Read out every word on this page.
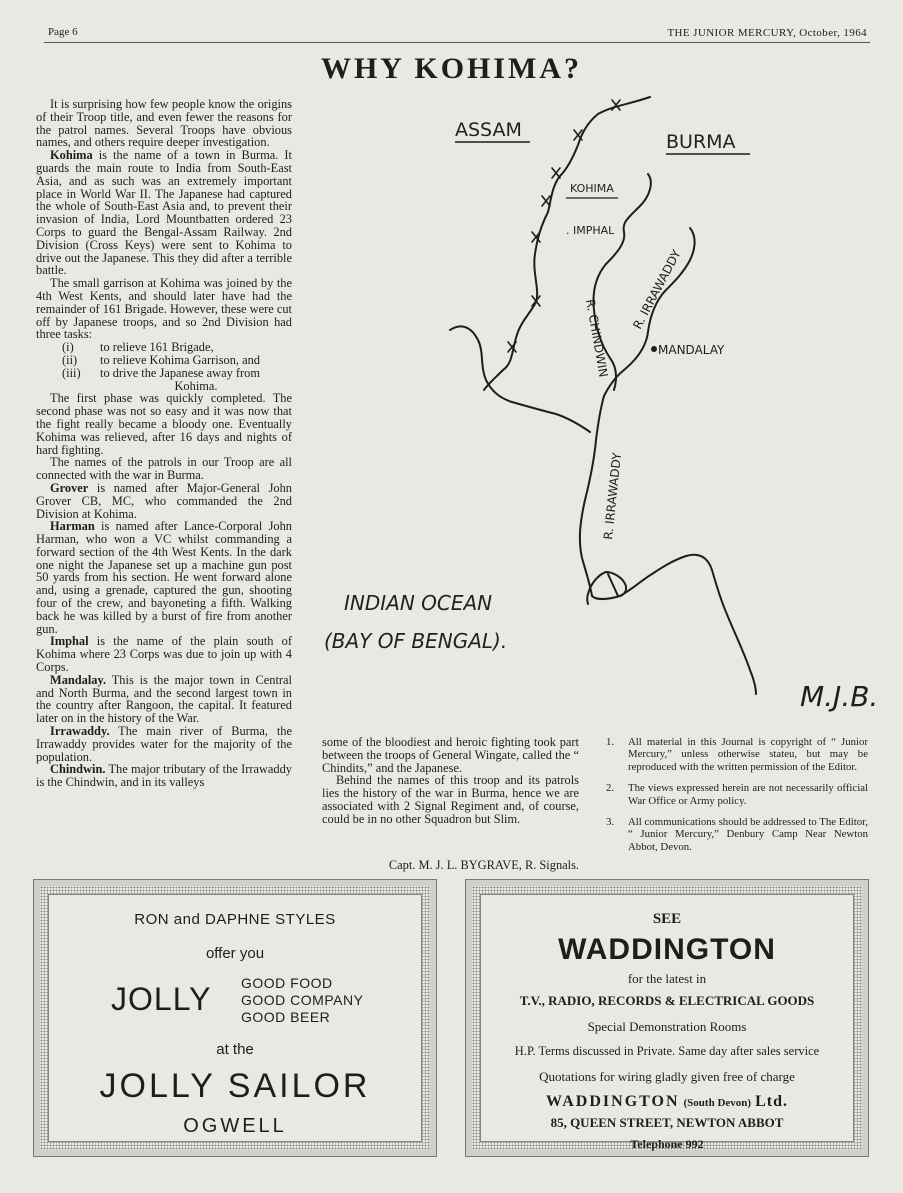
Page 6	THE JUNIOR MERCURY, October, 1964
WHY KOHIMA?

It is surprising how few people know the origins of their Troop title, and even fewer the reasons for the patrol names. Several Troops have obvious names, and others require deeper investigation.

Kohima is the name of a town in Burma. It guards the main route to India from South-East Asia, and as such was an extremely important place in World War II. The Japanese had captured the whole of South-East Asia and, to prevent their invasion of India, Lord Mountbatten ordered 23 Corps to guard the Bengal-Assam Railway. 2nd Division (Cross Keys) were sent to Kohima to drive out the Japanese. This they did after a terrible battle.

The small garrison at Kohima was joined by the 4th West Kents, and should later have had the remainder of 161 Brigade. However, these were cut off by Japanese troops, and so 2nd Division had three tasks:

(i)	to relieve 161 Brigade,
(ii)	to relieve Kohima Garrison, and
(iii)	to drive the Japanese away from
Kohima.

The first phase was quickly completed. The second phase was not so easy and it was now that the fight really became a bloody one. Eventually Kohima was relieved, after 16 days and nights of hard fighting.

The names of the patrols in our Troop are all connected with the war in Burma.

Grover is named after Major-General John Grover CB, MC, who commanded the 2nd Division at Kohima.

Harman is named after Lance-Corporal John Harman, who won a VC whilst commanding a forward section of the 4th West Kents. In the dark one night the Japanese set up a machine gun post 50 yards from his section. He went forward alone and, using a grenade, captured the gun, shooting four of the crew, and bayoneting a fifth. Walking back he was killed by a burst of fire from another gun.

Imphal is the name of the plain south of Kohima where 23 Corps was due to join up with 4 Corps.

Mandalay. This is the major town in Central and North Burma, and the second largest town in the country after Rangoon, the capital. It featured later on in the history of the War.

Irrawaddy. The main river of Burma, the Irrawaddy provides water for the majority of the population.

Chindwin. The major tributary of the Irrawaddy is the Chindwin, and in its valleys

some of the bloodiest and heroic fighting took part between the troops of General Wingate, called the “ Chindits,” and the Japanese.

Behind the names of this troop and its patrols lies the history of the war in Burma, hence we are associated with 2 Signal Regiment and, of course, could be in no other Squadron but Slim.

Capt. M. J. L. BYGRAVE, R. Signals.
1.	All material in this Journal is copyright of “ Junior Mercury,” unless otherwise stateu, but may be reproduced with the written permission of the Editor.
2.	The views expressed herein are not necessarily official War Office or Army policy.
3.	All communications should be addressed to The Editor, “ Junior Mercury,” Denbury Camp Near Newton Abbot, Devon.
ASSAM
BURMA
KOHIMA
. IMPHAL
MANDALAY
R. IRRAWADDY
R. CHINDWIN
R. IRRAWADDY
INDIAN OCEAN
(BAY OF BENGAL).
M.J.B.
RON and DAPHNE STYLES
offer you
JOLLY GOOD FOOD
GOOD COMPANY
GOOD BEER
at the
JOLLY SAILOR
OGWELL
SEE
WADDINGTON
for the latest in
T.V., RADIO, RECORDS & ELECTRICAL GOODS
Special Demonstration Rooms
H.P. Terms discussed in Private. Same day after sales service
Quotations for wiring gladly given free of charge
WADDINGTON (South Devon) Ltd.
85, QUEEN STREET, NEWTON ABBOT
Telephone 992
